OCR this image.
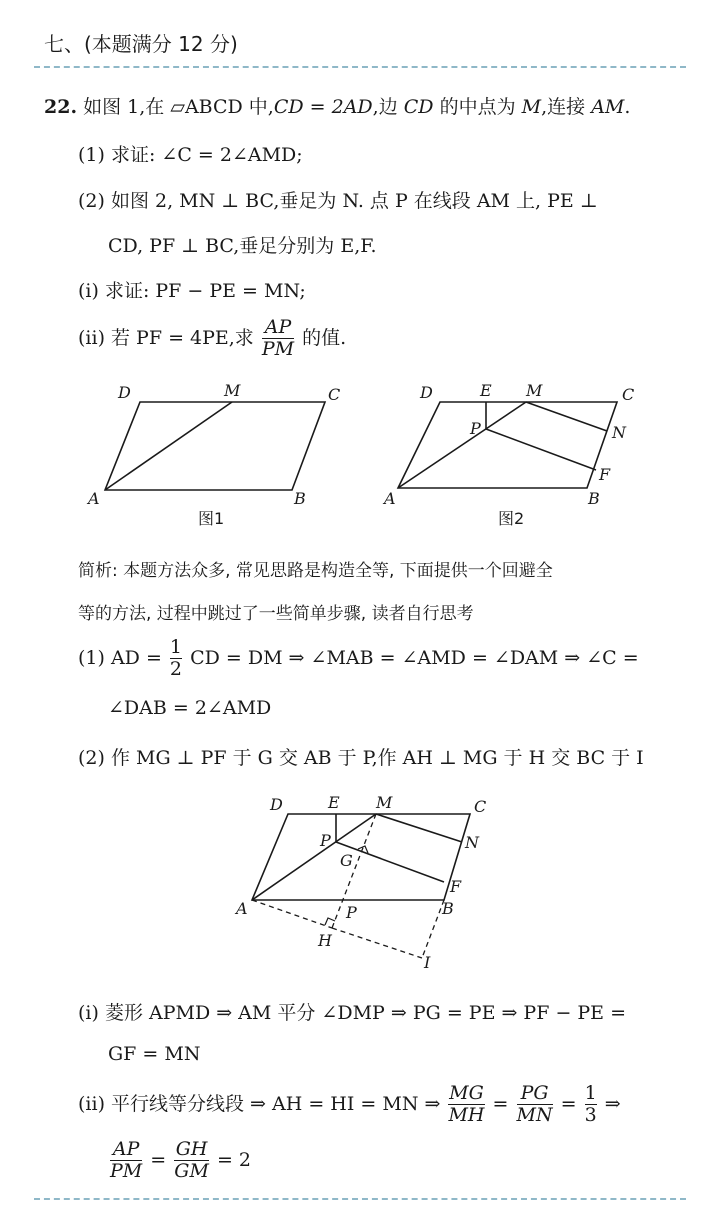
七、(本题满分 12 分)
22. 如图 1,在 ▱ABCD 中,CD = 2AD,边 CD 的中点为 M,连接 AM.
(1) 求证: ∠C = 2∠AMD;
(2) 如图 2, MN ⊥ BC,垂足为 N. 点 P 在线段 AM 上, PE ⊥
CD, PF ⊥ BC,垂足分别为 E,F.
(i) 求证: PF − PE = MN;
(ii) 若 PF = 4PE,求 $\frac{AP}{PM}$ 的值.
D	M	C
A	B
图1
D	E M	C
P	N
F
A	B
图2
简析: 本题方法众多, 常见思路是构造全等, 下面提供一个回避全
等的方法, 过程中跳过了一些简单步骤, 读者自行思考
(1) AD = $\frac{1}{2}$ CD = DM ⇒ ∠MAB = ∠AMD = ∠DAM ⇒ ∠C =
∠DAB = 2∠AMD
(2) 作 MG ⊥ PF 于 G 交 AB 于 P,作 AH ⊥ MG 于 H 交 BC 于 I
D	E M	C
P	N
G
F
A	P	B
H
I
(i) 菱形 APMD ⇒ AM 平分 ∠DMP ⇒ PG = PE ⇒ PF − PE =
GF = MN
(ii) 平行线等分线段 ⇒ AH = HI = MN ⇒ $\frac{MG}{MH} = \frac{PG}{MN} = \frac{1}{3}$ ⇒
$\frac{AP}{PM} = \frac{GH}{GM} = 2$
